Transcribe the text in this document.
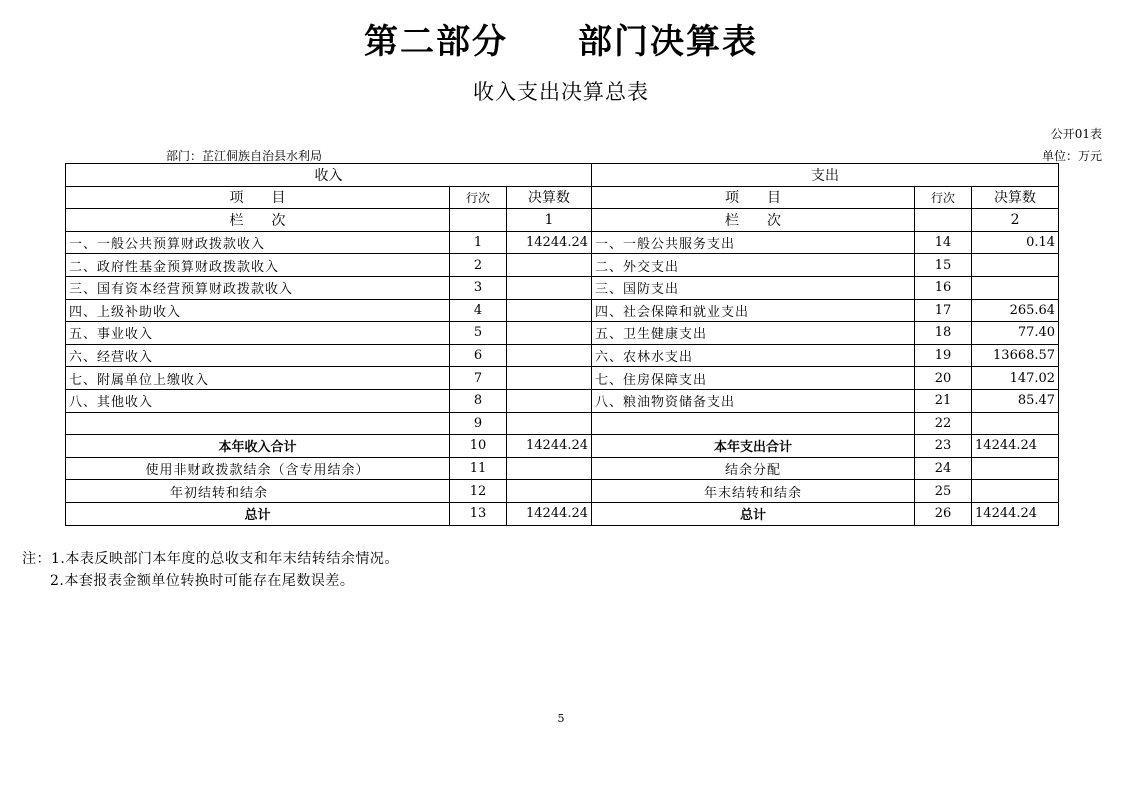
第二部分 部门决算表
收入支出决算总表
公开01表
部门：芷江侗族自治县水利局	单位：万元
收入			支出		
项　　目	行次	决算数	项　　目	行次	决算数
栏　　次		1	栏　　次		2
一、一般公共预算财政拨款收入	1	14244.24	一、一般公共服务支出	14	0.14
二、政府性基金预算财政拨款收入	2		二、外交支出	15	
三、国有资本经营预算财政拨款收入	3		三、国防支出	16	
四、上级补助收入	4		四、社会保障和就业支出	17	265.64
五、事业收入	5		五、卫生健康支出	18	77.40
六、经营收入	6		六、农林水支出	19	13668.57
七、附属单位上缴收入	7		七、住房保障支出	20	147.02
八、其他收入	8		八、粮油物资储备支出	21	85.47
	9			22	
本年收入合计	10	14244.24	本年支出合计	23	14244.24
使用非财政拨款结余（含专用结余）	11		结余分配	24	
年初结转和结余	12		年末结转和结余	25	
总计	13	14244.24	总计	26	14244.24
注：1.本表反映部门本年度的总收支和年末结转结余情况。
2.本套报表金额单位转换时可能存在尾数误差。
5
